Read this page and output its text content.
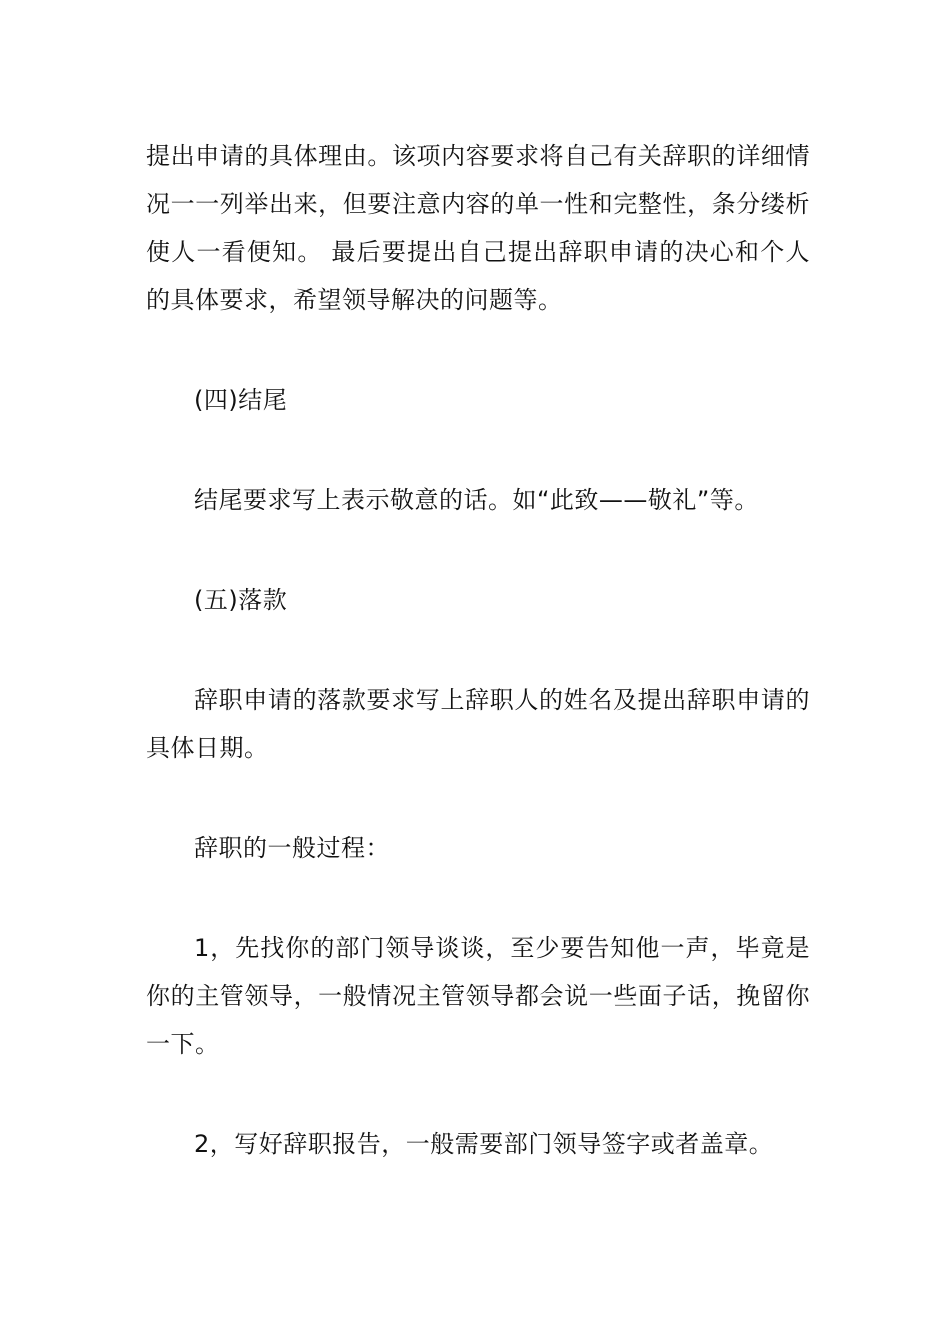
提出申请的具体理由。该项内容要求将自己有关辞职的详细情况一一列举出来，但要注意内容的单一性和完整性，条分缕析使人一看便知。 最后要提出自己提出辞职申请的决心和个人的具体要求，希望领导解决的问题等。

(四)结尾

结尾要求写上表示敬意的话。如“此致——敬礼”等。

(五)落款

辞职申请的落款要求写上辞职人的姓名及提出辞职申请的具体日期。

辞职的一般过程：

1，先找你的部门领导谈谈，至少要告知他一声，毕竟是你的主管领导，一般情况主管领导都会说一些面子话，挽留你一下。

2，写好辞职报告，一般需要部门领导签字或者盖章。
